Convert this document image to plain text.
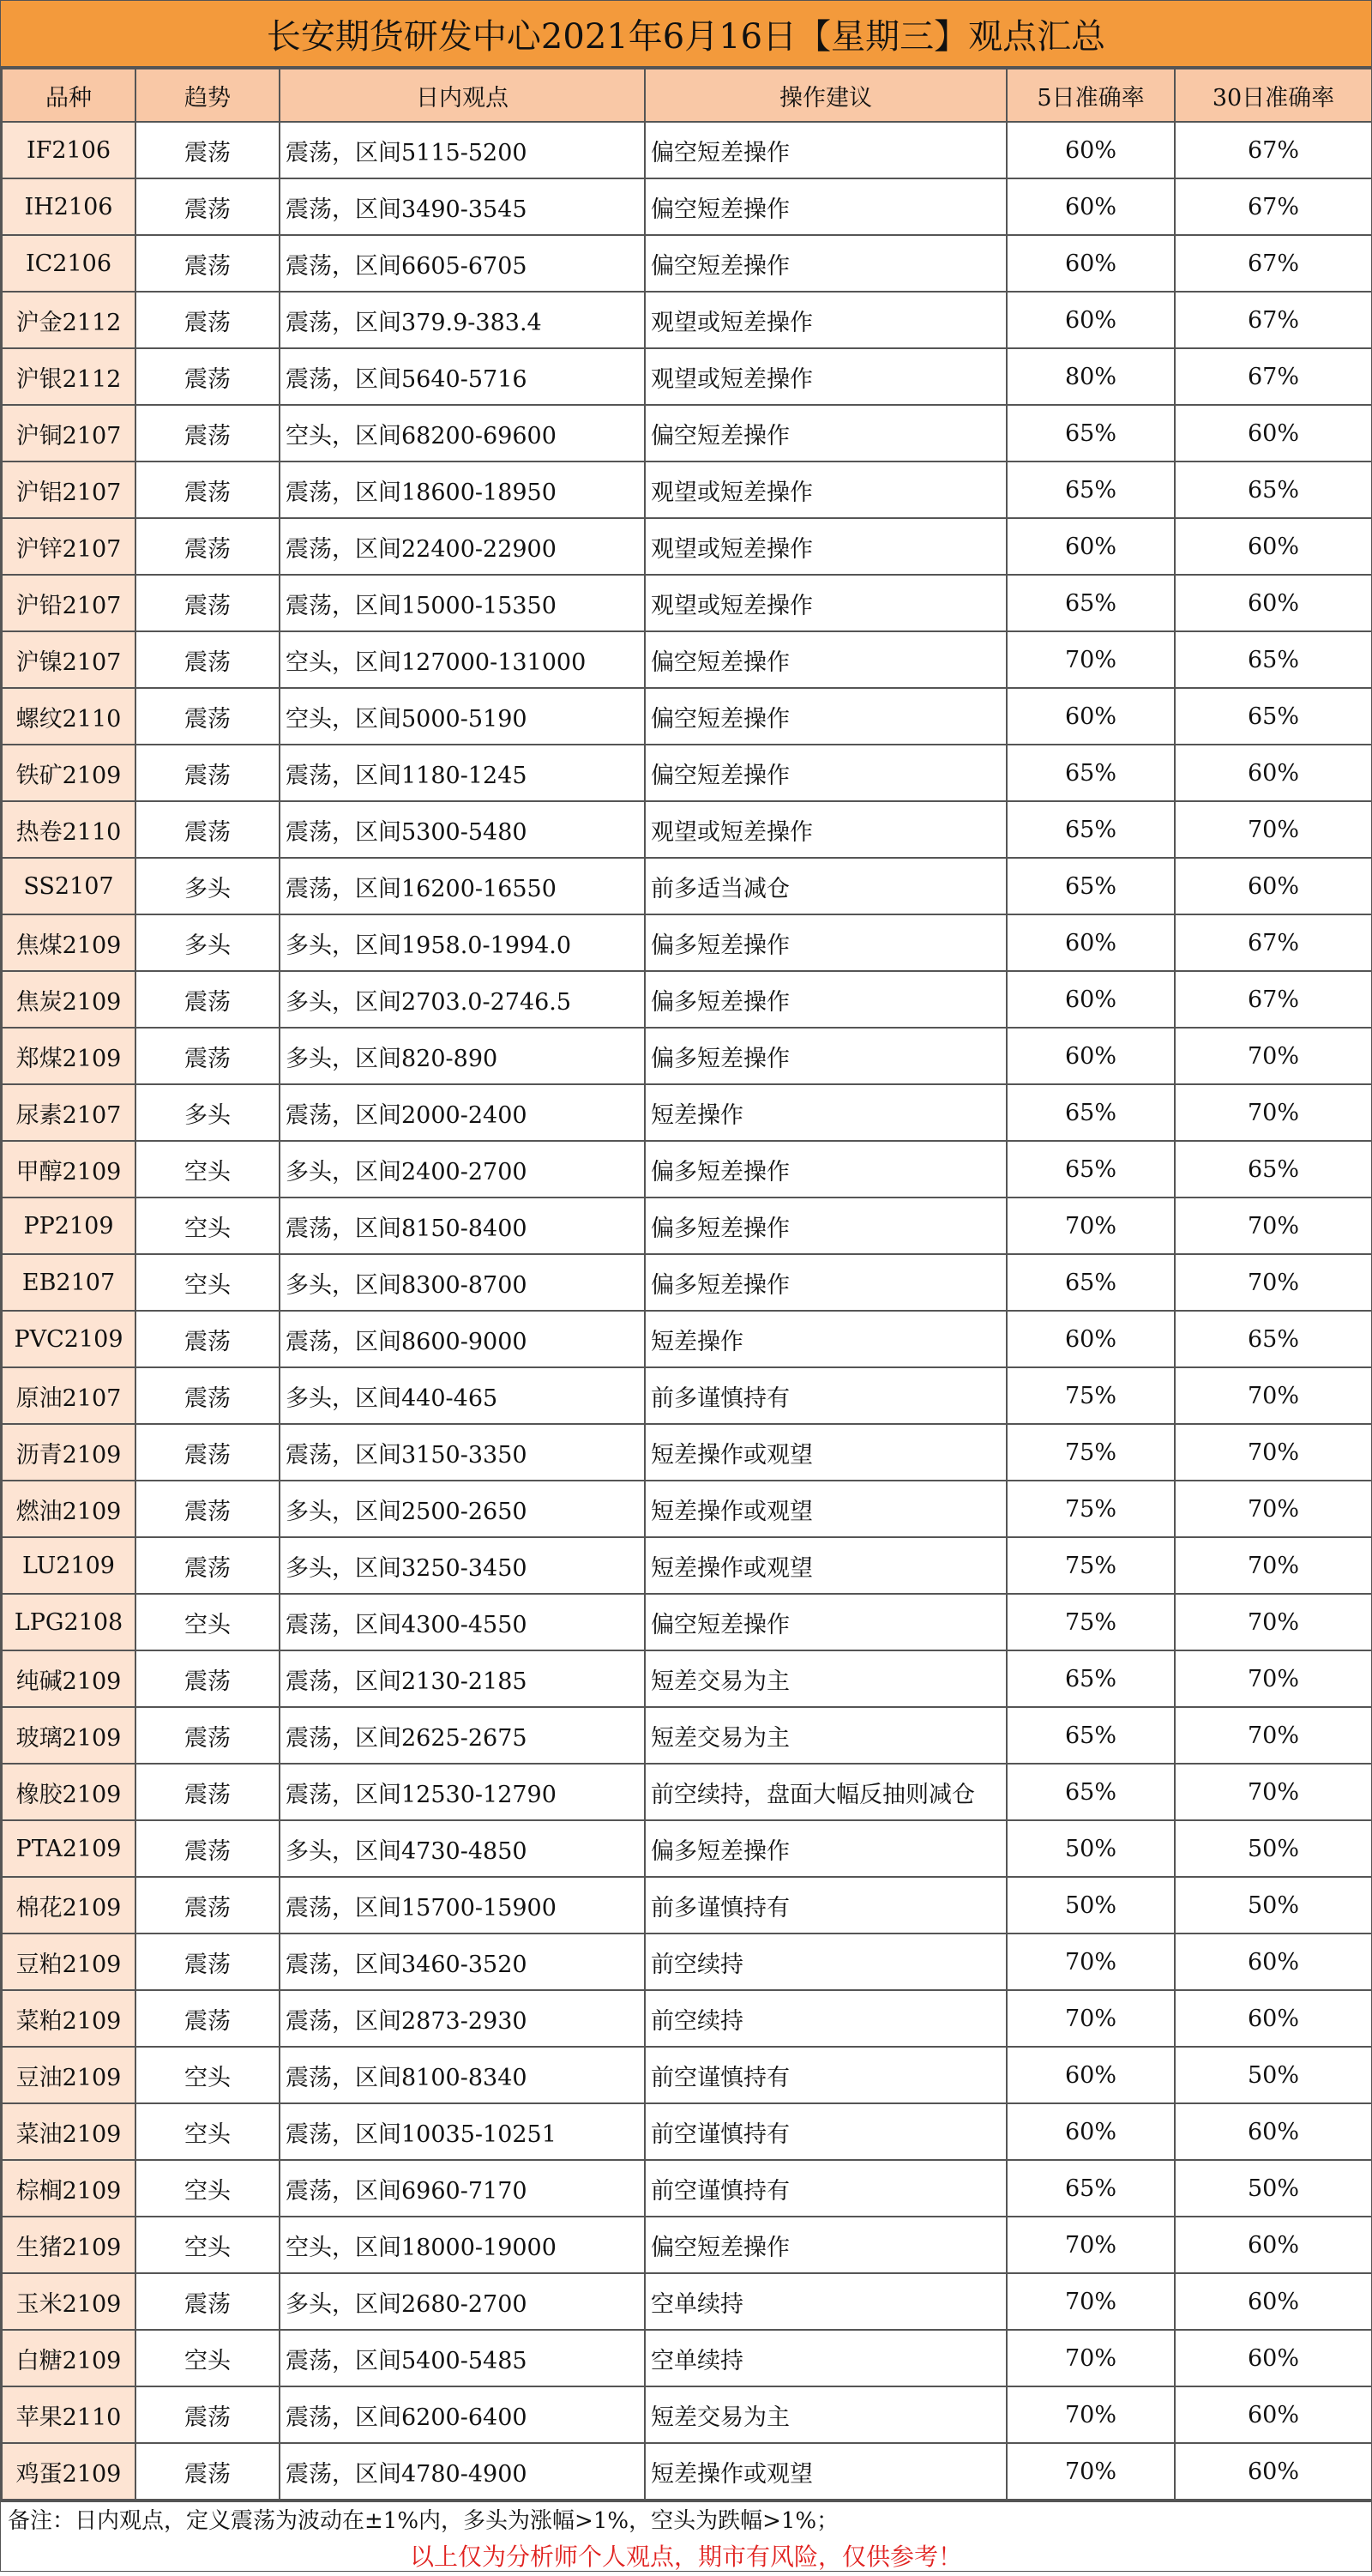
长安期货研发中心2021年6月16日【星期三】观点汇总
品种	趋势	日内观点	操作建议	5日准确率	30日准确率
IF2106	震荡	震荡，区间5115-5200	偏空短差操作	60%	67%
IH2106	震荡	震荡，区间3490-3545	偏空短差操作	60%	67%
IC2106	震荡	震荡，区间6605-6705	偏空短差操作	60%	67%
沪金2112	震荡	震荡，区间379.9-383.4	观望或短差操作	60%	67%
沪银2112	震荡	震荡，区间5640-5716	观望或短差操作	80%	67%
沪铜2107	震荡	空头，区间68200-69600	偏空短差操作	65%	60%
沪铝2107	震荡	震荡，区间18600-18950	观望或短差操作	65%	65%
沪锌2107	震荡	震荡，区间22400-22900	观望或短差操作	60%	60%
沪铅2107	震荡	震荡，区间15000-15350	观望或短差操作	65%	60%
沪镍2107	震荡	空头，区间127000-131000	偏空短差操作	70%	65%
螺纹2110	震荡	空头，区间5000-5190	偏空短差操作	60%	65%
铁矿2109	震荡	震荡，区间1180-1245	偏空短差操作	65%	60%
热卷2110	震荡	震荡，区间5300-5480	观望或短差操作	65%	70%
SS2107	多头	震荡，区间16200-16550	前多适当减仓	65%	60%
焦煤2109	多头	多头，区间1958.0-1994.0	偏多短差操作	60%	67%
焦炭2109	震荡	多头，区间2703.0-2746.5	偏多短差操作	60%	67%
郑煤2109	震荡	多头，区间820-890	偏多短差操作	60%	70%
尿素2107	多头	震荡，区间2000-2400	短差操作	65%	70%
甲醇2109	空头	多头，区间2400-2700	偏多短差操作	65%	65%
PP2109	空头	震荡，区间8150-8400	偏多短差操作	70%	70%
EB2107	空头	多头，区间8300-8700	偏多短差操作	65%	70%
PVC2109	震荡	震荡，区间8600-9000	短差操作	60%	65%
原油2107	震荡	多头，区间440-465	前多谨慎持有	75%	70%
沥青2109	震荡	震荡，区间3150-3350	短差操作或观望	75%	70%
燃油2109	震荡	多头，区间2500-2650	短差操作或观望	75%	70%
LU2109	震荡	多头，区间3250-3450	短差操作或观望	75%	70%
LPG2108	空头	震荡，区间4300-4550	偏空短差操作	75%	70%
纯碱2109	震荡	震荡，区间2130-2185	短差交易为主	65%	70%
玻璃2109	震荡	震荡，区间2625-2675	短差交易为主	65%	70%
橡胶2109	震荡	震荡，区间12530-12790	前空续持，盘面大幅反抽则减仓	65%	70%
PTA2109	震荡	多头，区间4730-4850	偏多短差操作	50%	50%
棉花2109	震荡	震荡，区间15700-15900	前多谨慎持有	50%	50%
豆粕2109	震荡	震荡，区间3460-3520	前空续持	70%	60%
菜粕2109	震荡	震荡，区间2873-2930	前空续持	70%	60%
豆油2109	空头	震荡，区间8100-8340	前空谨慎持有	60%	50%
菜油2109	空头	震荡，区间10035-10251	前空谨慎持有	60%	60%
棕榈2109	空头	震荡，区间6960-7170	前空谨慎持有	65%	50%
生猪2109	空头	空头，区间18000-19000	偏空短差操作	70%	60%
玉米2109	震荡	多头，区间2680-2700	空单续持	70%	60%
白糖2109	空头	震荡，区间5400-5485	空单续持	70%	60%
苹果2110	震荡	震荡，区间6200-6400	短差交易为主	70%	60%
鸡蛋2109	震荡	震荡，区间4780-4900	短差操作或观望	70%	60%
备注：日内观点，定义震荡为波动在±1%内，多头为涨幅>1%，空头为跌幅>1%；
以上仅为分析师个人观点，期市有风险，仅供参考！
